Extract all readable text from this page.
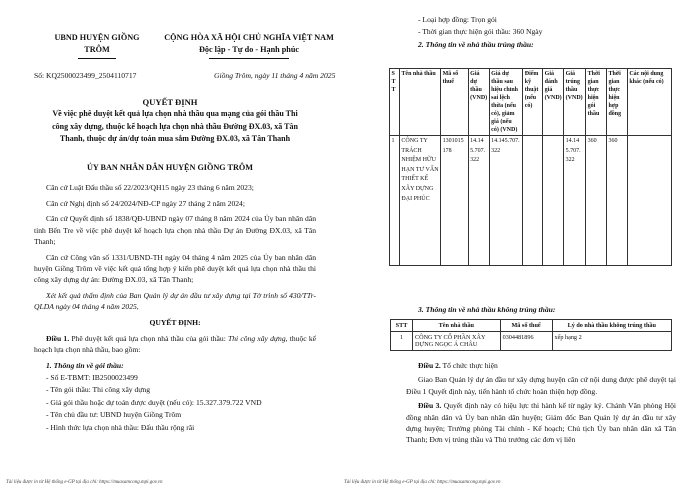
UBND HUYỆN GIỒNG
TRÔM
CỘNG HÒA XÃ HỘI CHỦ NGHĨA VIỆT NAM
Độc lập - Tự do - Hạnh phúc
Số: KQ2500023499_2504110717	Giồng Trôm, ngày 11 tháng 4 năm 2025
QUYẾT ĐỊNH
Về việc phê duyệt kết quả lựa chọn nhà thầu qua mạng của gói thầu Thi công xây dựng, thuộc kế hoạch lựa chọn nhà thầu Đường ĐX.03, xã Tân Thanh, thuộc dự án/dự toán mua sắm Đường ĐX.03, xã Tân Thanh
ỦY BAN NHÂN DÂN HUYỆN GIỒNG TRÔM

Căn cứ Luật Đấu thầu số 22/2023/QH15 ngày 23 tháng 6 năm 2023;

Căn cứ Nghị định số 24/2024/NĐ-CP ngày 27 tháng 2 năm 2024;

Căn cứ Quyết định số 1838/QĐ-UBND ngày 07 tháng 8 năm 2024 của Ủy ban nhân dân tỉnh Bến Tre về việc phê duyệt kế hoạch lựa chọn nhà thầu Dự án Đường ĐX.03, xã Tân Thanh;

Căn cứ Công văn số 1331/UBND-TH ngày 04 tháng 4 năm 2025 của Ủy ban nhân dân huyện Giồng Trôm về việc kết quả tổng hợp ý kiến phê duyệt kết quả lựa chọn nhà thầu thi công xây dựng dự án: Đường ĐX.03, xã Tân Thanh;

Xét kết quả thẩm định của Ban Quản lý dự án đầu tư xây dựng tại Tờ trình số 430/TTr-QLDA ngày 04 tháng 4 năm 2025,

QUYẾT ĐỊNH:

Điều 1. Phê duyệt kết quả lựa chọn nhà thầu của gói thầu: Thi công xây dựng, thuộc kế hoạch lựa chọn nhà thầu, bao gồm:

1. Thông tin về gói thầu:

- Số E-TBMT: IB2500023499

- Tên gói thầu: Thi công xây dựng

- Giá gói thầu hoặc dự toán được duyệt (nếu có): 15.327.379.722 VND

- Tên chủ đầu tư: UBND huyện Giồng Trôm

- Hình thức lựa chọn nhà thầu: Đấu thầu rộng rãi

Tài liệu được in từ Hệ thống e-GP tại địa chỉ: https://muasamcong.mpi.gov.vn

- Loại hợp đồng: Trọn gói

- Thời gian thực hiện gói thầu: 360 Ngày

2. Thông tin về nhà thầu trúng thầu:

S T T	Tên nhà thầu	Mã số thuế	Giá dự thầu (VND)	Giá dự thầu sau hiệu chỉnh sai lệch thừa (nếu có), giảm giá (nếu có) (VND)	Điểm kỹ thuật (nếu có)	Giá đánh giá (VND)	Giá trúng thầu (VND)	Thời gian thực hiện gói thầu	Thời gian thực hiện hợp đồng	Các nội dung khác (nếu có)
1	CÔNG TY TRÁCH NHIỆM HỮU HẠN TƯ VẤN THIẾT KẾ XÂY DỰNG ĐẠI PHÚC	1301015178	14.145.707.322	14.145.707.322			14.145.707.322	360	360	

3. Thông tin về nhà thầu không trúng thầu:

STT	Tên nhà thầu	Mã số thuế	Lý do nhà thầu không trúng thầu
1	CÔNG TY CỔ PHẦN XÂY DỰNG NGỌC Á CHÂU	0304481896	xếp hạng 2

Điều 2. Tổ chức thực hiện

Giao Ban Quản lý dự án đầu tư xây dựng huyện căn cứ nội dung được phê duyệt tại Điều 1 Quyết định này, tiến hành tổ chức hoàn thiện hợp đồng.

Điều 3. Quyết định này có hiệu lực thi hành kể từ ngày ký. Chánh Văn phòng Hội đồng nhân dân và Ủy ban nhân dân huyện; Giám đốc Ban Quản lý dự án đầu tư xây dựng huyện; Trưởng phòng Tài chính - Kế hoạch; Chủ tịch Ủy ban nhân dân xã Tân Thanh; Đơn vị trúng thầu và Thủ trưởng các đơn vị liên

Tài liệu được in từ Hệ thống e-GP tại địa chỉ: https://muasamcong.mpi.gov.vn
